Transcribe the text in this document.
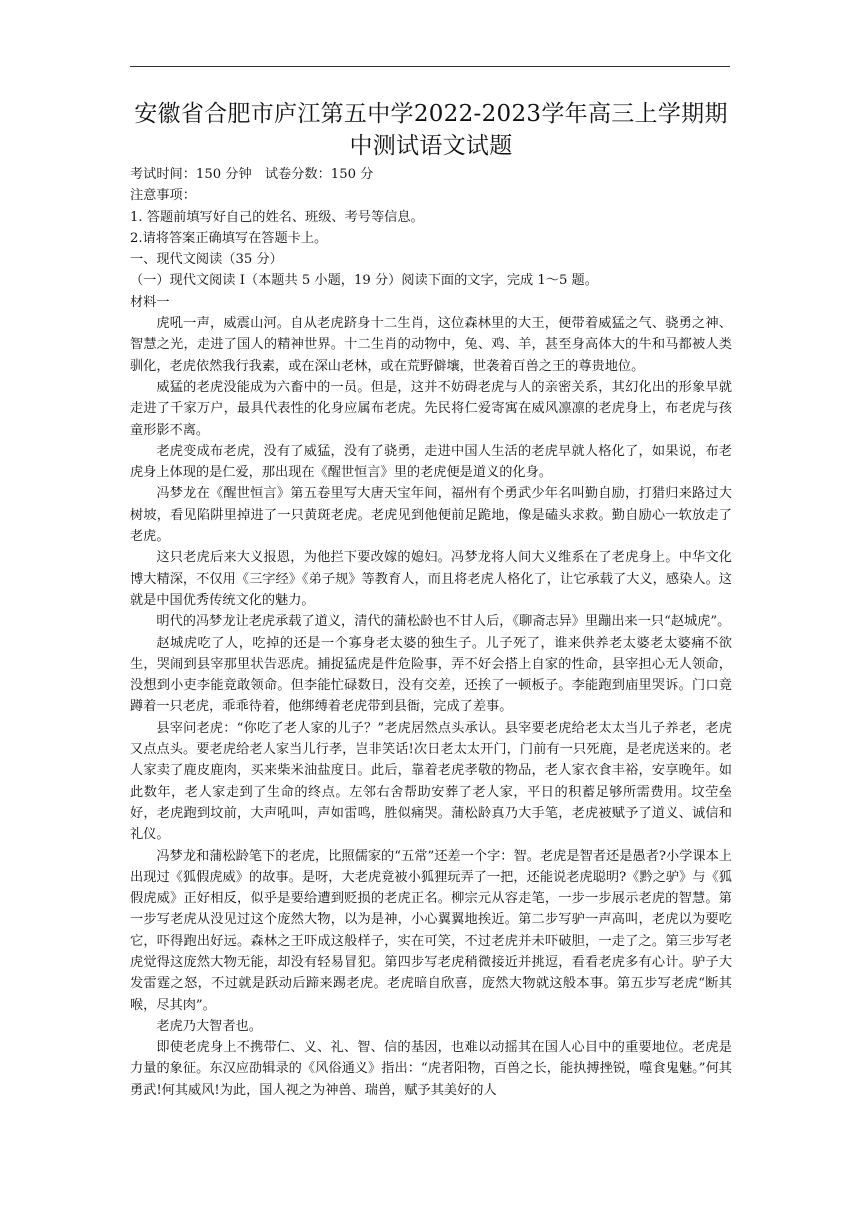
安徽省合肥市庐江第五中学2022-2023学年高三上学期期中测试语文试题
考试时间：150 分钟　试卷分数：150 分
注意事项：
1. 答题前填写好自己的姓名、班级、考号等信息。
2.请将答案正确填写在答题卡上。
一、现代文阅读（35 分）
（一）现代文阅读 I（本题共 5 小题，19 分）阅读下面的文字，完成 1～5 题。
材料一

虎吼一声，威震山河。自从老虎跻身十二生肖，这位森林里的大王，便带着威猛之气、骁勇之神、智慧之光，走进了国人的精神世界。十二生肖的动物中，兔、鸡、羊，甚至身高体大的牛和马都被人类驯化，老虎依然我行我素，或在深山老林，或在荒野僻壤，世袭着百兽之王的尊贵地位。

威猛的老虎没能成为六畜中的一员。但是，这并不妨碍老虎与人的亲密关系，其幻化出的形象早就走进了千家万户，最具代表性的化身应属布老虎。先民将仁爱寄寓在威风凛凛的老虎身上，布老虎与孩童形影不离。

老虎变成布老虎，没有了威猛，没有了骁勇，走进中国人生活的老虎早就人格化了，如果说，布老虎身上体现的是仁爱，那出现在《醒世恒言》里的老虎便是道义的化身。

冯梦龙在《醒世恒言》第五卷里写大唐天宝年间，福州有个勇武少年名叫勤自励，打猎归来路过大树坡，看见陷阱里掉进了一只黄斑老虎。老虎见到他便前足跪地，像是磕头求救。勤自励心一软放走了老虎。

这只老虎后来大义报恩，为他拦下要改嫁的媳妇。冯梦龙将人间大义维系在了老虎身上。中华文化博大精深，不仅用《三字经》《弟子规》等教育人，而且将老虎人格化了，让它承载了大义，感染人。这就是中国优秀传统文化的魅力。

明代的冯梦龙让老虎承载了道义，清代的蒲松龄也不甘人后，《聊斋志异》里蹦出来一只“赵城虎”。

赵城虎吃了人，吃掉的还是一个寡身老太婆的独生子。儿子死了，谁来供养老太婆老太婆痛不欲生，哭闹到县宰那里状告恶虎。捕捉猛虎是件危险事，弄不好会搭上自家的性命，县宰担心无人领命，没想到小吏李能竟敢领命。但李能忙碌数日，没有交差，还挨了一顿板子。李能跑到庙里哭诉。门口竟蹲着一只老虎，乖乖待着，他绑缚着老虎带到县衙，完成了差事。

县宰问老虎：“你吃了老人家的儿子？”老虎居然点头承认。县宰要老虎给老太太当儿子养老，老虎又点点头。要老虎给老人家当儿行孝，岂非笑话!次日老太太开门，门前有一只死鹿，是老虎送来的。老人家卖了鹿皮鹿肉，买来柴米油盐度日。此后，靠着老虎孝敬的物品，老人家衣食丰裕，安享晚年。如此数年，老人家走到了生命的终点。左邻右舍帮助安葬了老人家，平日的积蓄足够所需费用。坟茔垒好，老虎跑到坟前，大声吼叫，声如雷鸣，胜似痛哭。蒲松龄真乃大手笔，老虎被赋予了道义、诚信和礼仪。

冯梦龙和蒲松龄笔下的老虎，比照儒家的“五常”还差一个字：智。老虎是智者还是愚者?小学课本上出现过《狐假虎威》的故事。是呀，大老虎竟被小狐狸玩弄了一把，还能说老虎聪明?《黔之驴》与《狐假虎威》正好相反，似乎是要给遭到贬损的老虎正名。柳宗元从容走笔，一步一步展示老虎的智慧。第一步写老虎从没见过这个庞然大物，以为是神，小心翼翼地挨近。第二步写驴一声高叫，老虎以为要吃它，吓得跑出好远。森林之王吓成这般样子，实在可笑，不过老虎并未吓破胆，一走了之。第三步写老虎觉得这庞然大物无能，却没有轻易冒犯。第四步写老虎稍微接近并挑逗，看看老虎多有心计。驴子大发雷霆之怒，不过就是跃动后蹄来踢老虎。老虎暗自欣喜，庞然大物就这般本事。第五步写老虎“断其喉，尽其肉”。

老虎乃大智者也。

即使老虎身上不携带仁、义、礼、智、信的基因，也难以动摇其在国人心目中的重要地位。老虎是力量的象征。东汉应劭辑录的《风俗通义》指出：“虎者阳物，百兽之长，能执搏挫锐，噬食鬼魅。”何其勇武!何其威风!为此，国人视之为神兽、瑞兽，赋予其美好的人
